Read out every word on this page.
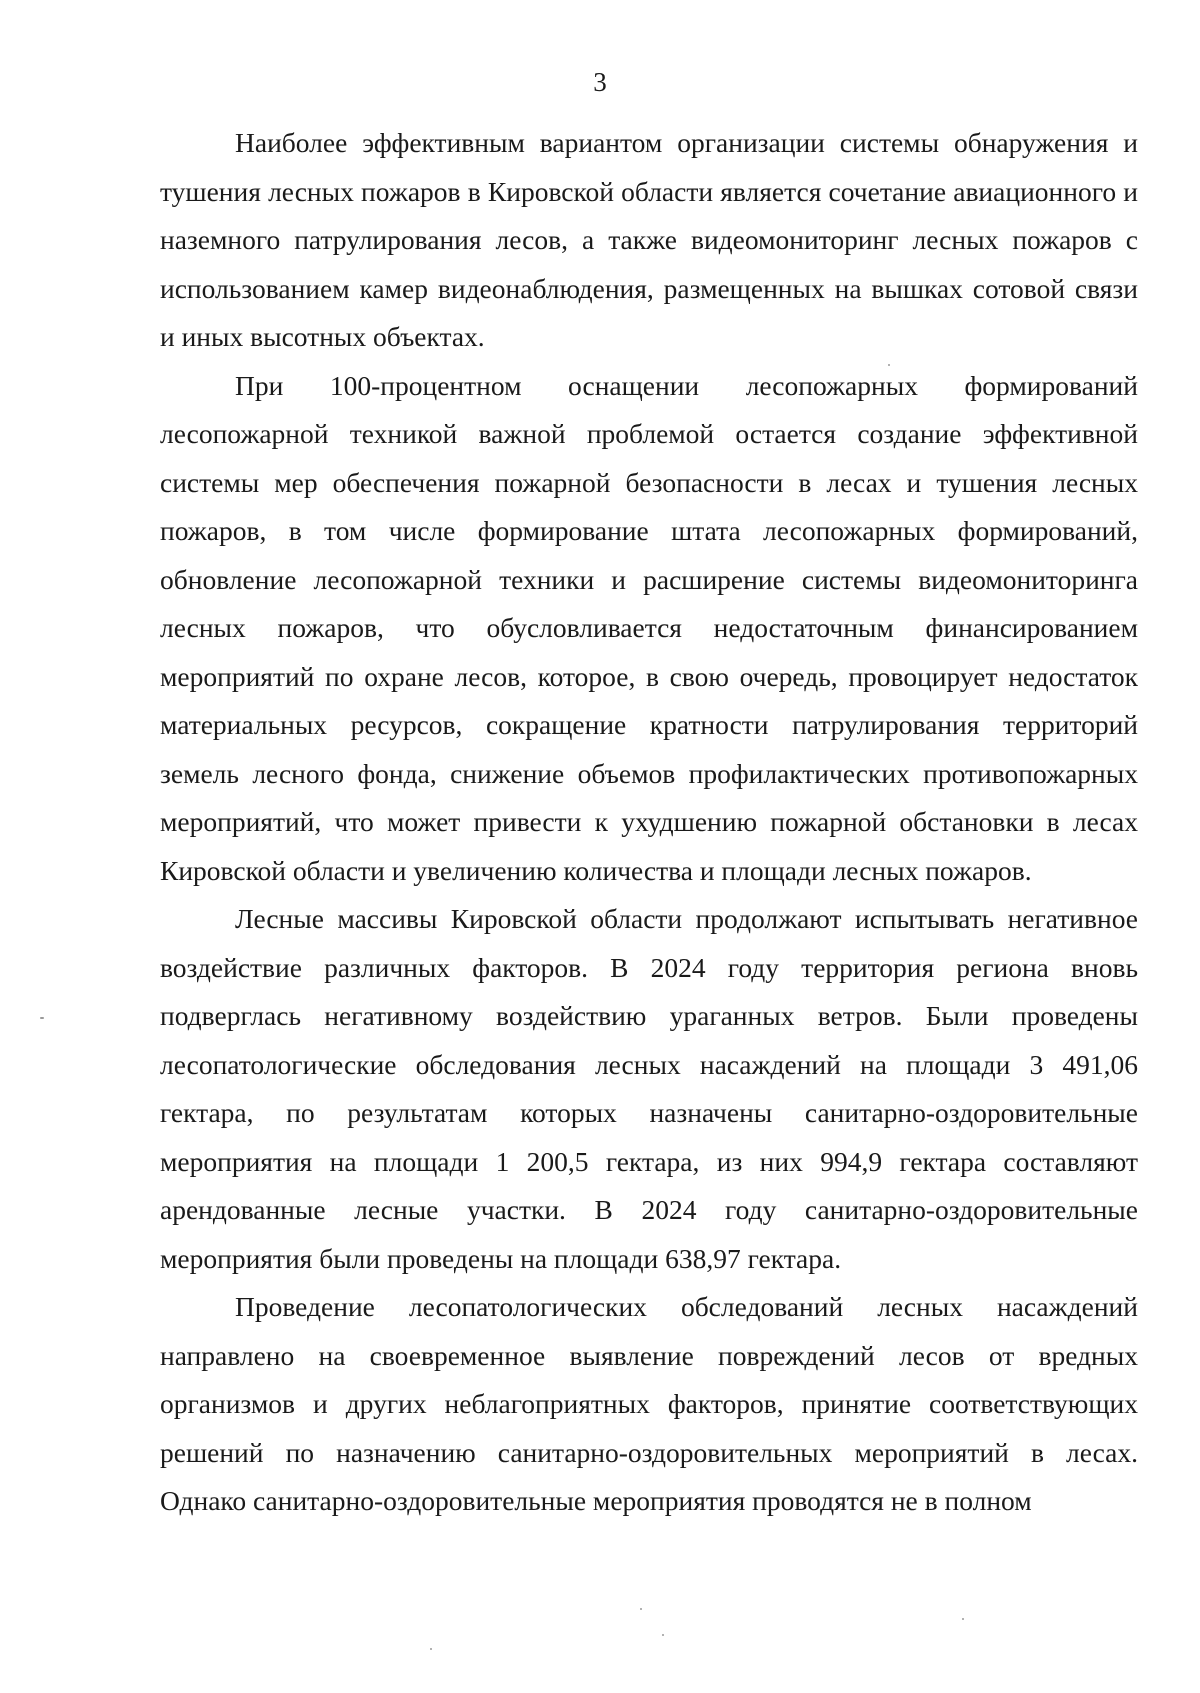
3

Наиболее эффективным вариантом организации системы обнаружения и тушения лесных пожаров в Кировской области является сочетание авиационного и наземного патрулирования лесов, а также видеомониторинг лесных пожаров с использованием камер видеонаблюдения, размещенных на вышках сотовой связи и иных высотных объектах.

При 100-процентном оснащении лесопожарных формирований лесопожарной техникой важной проблемой остается создание эффективной системы мер обеспечения пожарной безопасности в лесах и тушения лесных пожаров, в том числе формирование штата лесопожарных формирований, обновление лесопожарной техники и расширение системы видеомониторинга лесных пожаров, что обусловливается недостаточным финансированием мероприятий по охране лесов, которое, в свою очередь, провоцирует недостаток материальных ресурсов, сокращение кратности патрулирования территорий земель лесного фонда, снижение объемов профилактических противопожарных мероприятий, что может привести к ухудшению пожарной обстановки в лесах Кировской области и увеличению количества и площади лесных пожаров.

Лесные массивы Кировской области продолжают испытывать негативное воздействие различных факторов. В 2024 году территория региона вновь подверглась негативному воздействию ураганных ветров. Были проведены лесопатологические обследования лесных насаждений на площади 3 491,06 гектара, по результатам которых назначены санитарно-оздоровительные мероприятия на площади 1 200,5 гектара, из них 994,9 гектара составляют арендованные лесные участки. В 2024 году санитарно-оздоровительные мероприятия были проведены на площади 638,97 гектара.

Проведение лесопатологических обследований лесных насаждений направлено на своевременное выявление повреждений лесов от вредных организмов и других неблагоприятных факторов, принятие соответствующих решений по назначению санитарно-оздоровительных мероприятий в лесах. Однако санитарно-оздоровительные мероприятия проводятся не в полном
